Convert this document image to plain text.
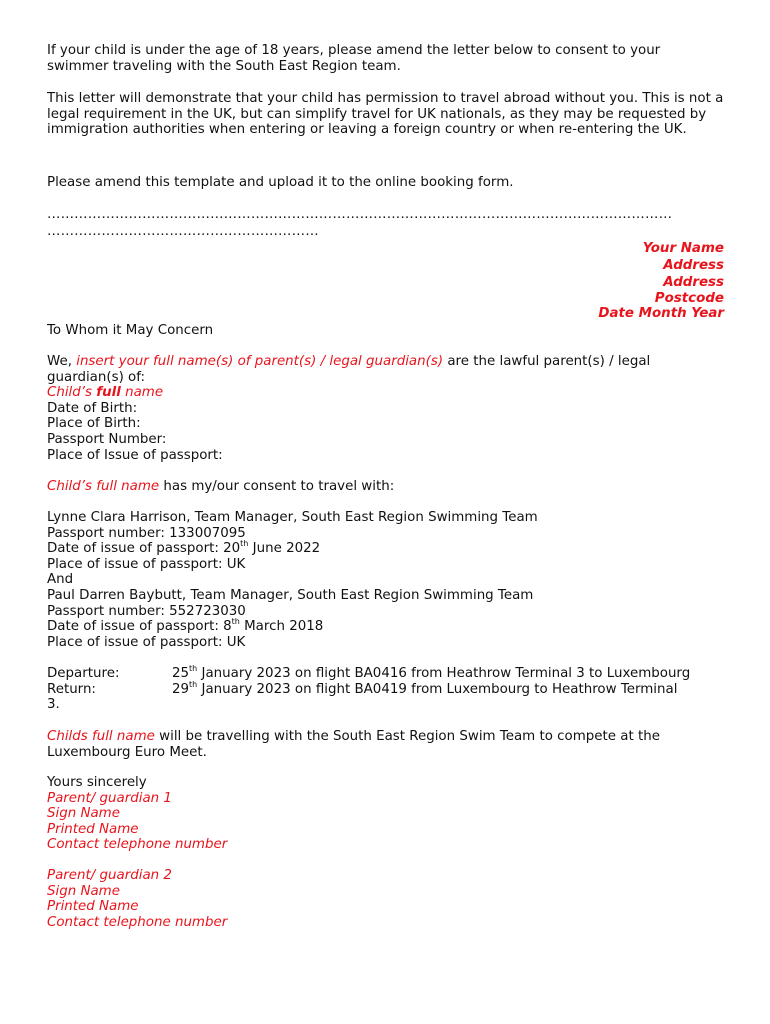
If your child is under the age of 18 years, please amend the letter below to consent to your swimmer traveling with the South East Region team.

This letter will demonstrate that your child has permission to travel abroad without you. This is not a legal requirement in the UK, but can simplify travel for UK nationals, as they may be requested by immigration authorities when entering or leaving a foreign country or when re-entering the UK.

Please amend this template and upload it to the online booking form.

…………………………………………………………………………………………………………………………
……………………………………………………
Your Name
Address
Address
Postcode
Date Month Year

To Whom it May Concern

We, insert your full name(s) of parent(s) / legal guardian(s) are the lawful parent(s) / legal guardian(s) of:

Child’s full name

Date of Birth:

Place of Birth:

Passport Number:

Place of Issue of passport:

Child’s full name has my/our consent to travel with:

Lynne Clara Harrison, Team Manager, South East Region Swimming Team

Passport number: 133007095

Date of issue of passport: 20th June 2022

Place of issue of passport: UK

And

Paul Darren Baybutt, Team Manager, South East Region Swimming Team

Passport number: 552723030

Date of issue of passport: 8th March 2018

Place of issue of passport: UK

Departure:	25th January 2023 on flight BA0416 from Heathrow Terminal 3 to Luxembourg
Return:	29th January 2023 on flight BA0419 from Luxembourg to Heathrow Terminal

3.

Childs full name will be travelling with the South East Region Swim Team to compete at the Luxembourg Euro Meet.

Yours sincerely

Parent/ guardian 1

Sign Name

Printed Name

Contact telephone number

Parent/ guardian 2

Sign Name

Printed Name

Contact telephone number
